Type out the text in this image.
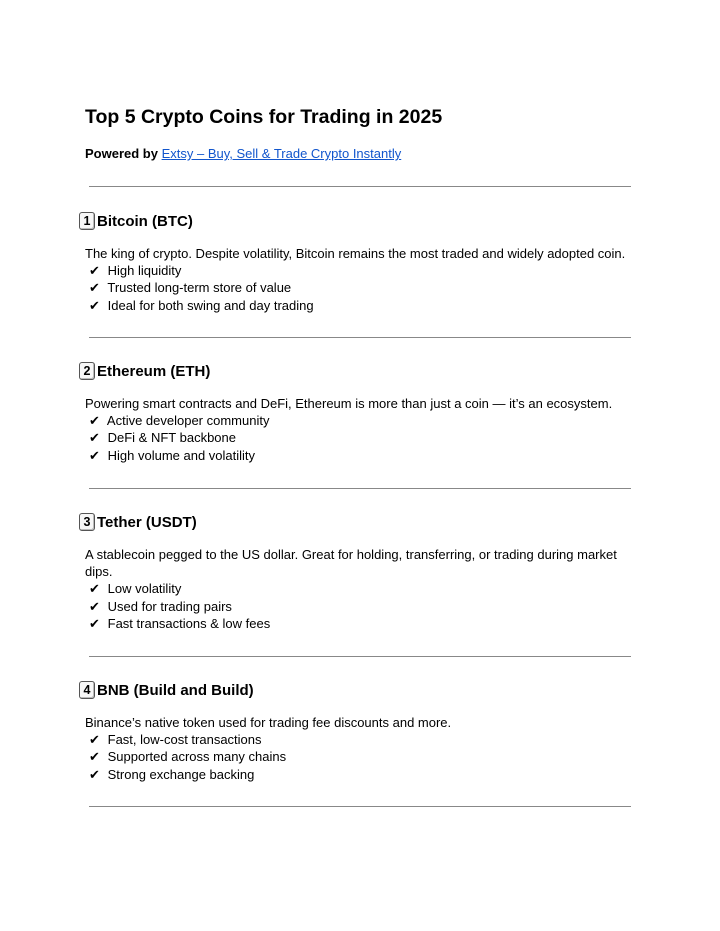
Top 5 Crypto Coins for Trading in 2025
Powered by Extsy – Buy, Sell & Trade Crypto Instantly
1 Bitcoin (BTC)
The king of crypto. Despite volatility, Bitcoin remains the most traded and widely adopted coin.
✔ High liquidity
✔ Trusted long-term store of value
✔ Ideal for both swing and day trading
2 Ethereum (ETH)
Powering smart contracts and DeFi, Ethereum is more than just a coin — it’s an ecosystem.
✔ Active developer community
✔ DeFi & NFT backbone
✔ High volume and volatility
3 Tether (USDT)
A stablecoin pegged to the US dollar. Great for holding, transferring, or trading during market dips.
✔ Low volatility
✔ Used for trading pairs
✔ Fast transactions & low fees
4 BNB (Build and Build)
Binance’s native token used for trading fee discounts and more.
✔ Fast, low-cost transactions
✔ Supported across many chains
✔ Strong exchange backing
